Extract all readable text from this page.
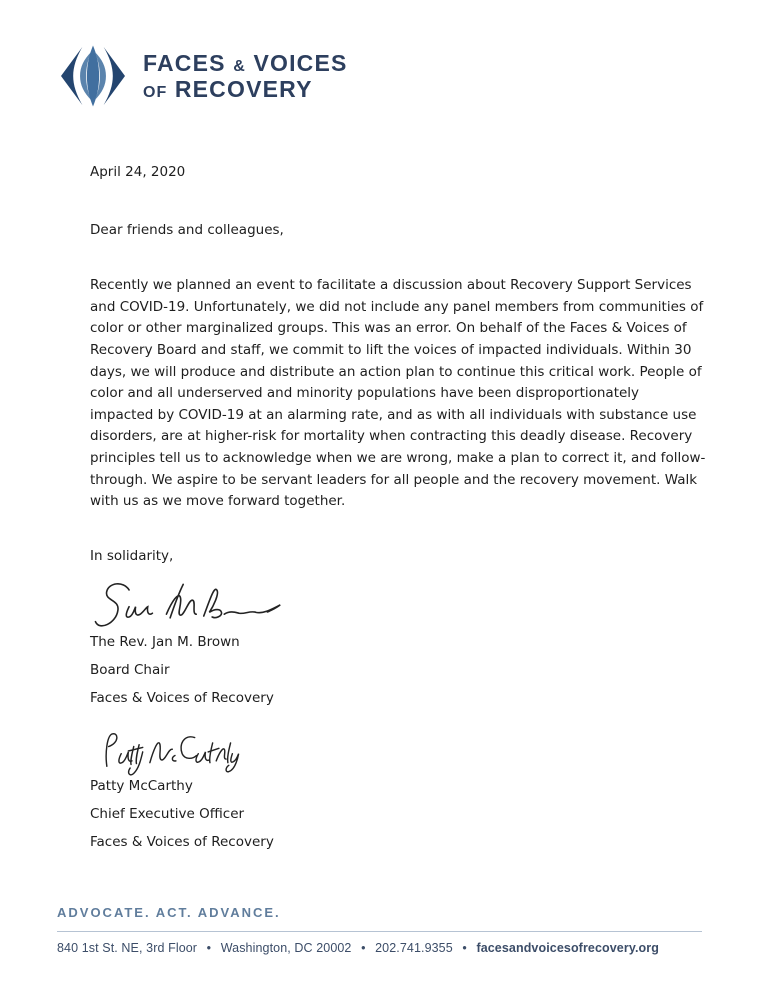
FACES & VOICES
OF RECOVERY
April 24, 2020
Dear friends and colleagues,

Recently we planned an event to facilitate a discussion about Recovery Support Services and COVID-19. Unfortunately, we did not include any panel members from communities of color or other marginalized groups. This was an error. On behalf of the Faces & Voices of Recovery Board and staff, we commit to lift the voices of impacted individuals. Within 30 days, we will produce and distribute an action plan to continue this critical work. People of color and all underserved and minority populations have been disproportionately impacted by COVID-19 at an alarming rate, and as with all individuals with substance use disorders, are at higher-risk for mortality when contracting this deadly disease. Recovery principles tell us to acknowledge when we are wrong, make a plan to correct it, and follow-through. We aspire to be servant leaders for all people and the recovery movement. Walk with us as we move forward together.

In solidarity,
The Rev. Jan M. Brown
Board Chair
Faces & Voices of Recovery
Patty McCarthy
Chief Executive Officer
Faces & Voices of Recovery
ADVOCATE. ACT. ADVANCE.
840 1st St. NE, 3rd Floor • Washington, DC 20002 • 202.741.9355 • facesandvoicesofrecovery.org
